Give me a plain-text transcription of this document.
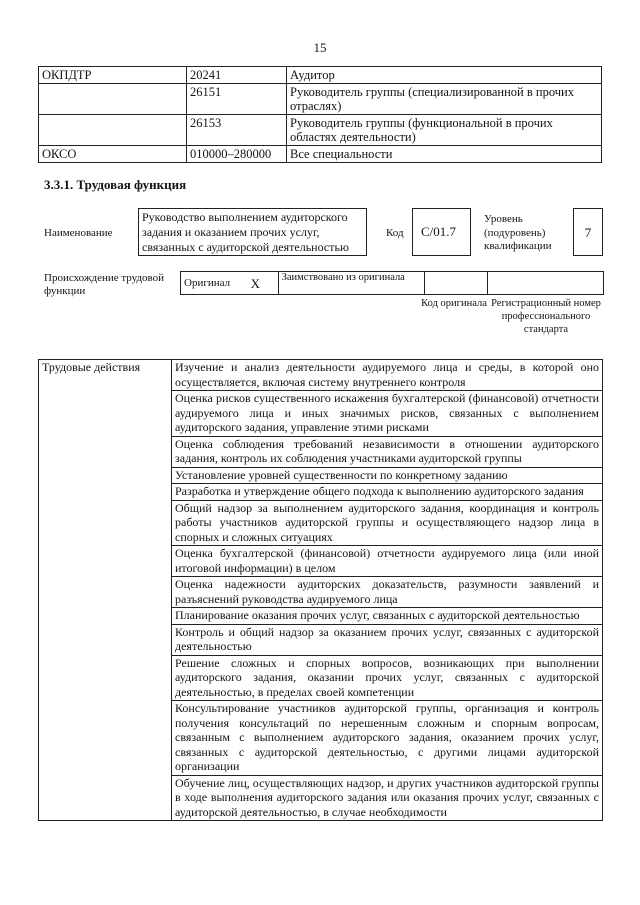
15
ОКПДТР	20241	Аудитор
	26151	Руководитель группы (специализированной в прочих отраслях)
	26153	Руководитель группы (функциональной в прочих областях деятельности)
ОКСО	010000–280000	Все специальности
3.3.1. Трудовая функция
Наименование
Руководство выполнением аудиторского задания и оказанием прочих услуг, связанных с аудиторской деятельностью
Код	С/01.7
Уровень (подуровень) квалификации
7
Происхождение трудовой функции
Оригинал	X	Заимствовано из оригинала		
Код оригинала Регистрационный номер профессионального стандарта
Трудовые действия	Изучение и анализ деятельности аудируемого лица и среды, в которой оно осуществляется, включая систему внутреннего контроля
Оценка рисков существенного искажения бухгалтерской (финансовой) отчетности аудируемого лица и иных значимых рисков, связанных с выполнением аудиторского задания, управление этими рисками
Оценка соблюдения требований независимости в отношении аудиторского задания, контроль их соблюдения участниками аудиторской группы
Установление уровней существенности по конкретному заданию
Разработка и утверждение общего подхода к выполнению аудиторского задания
Общий надзор за выполнением аудиторского задания, координация и контроль работы участников аудиторской группы и осуществляющего надзор лица в спорных и сложных ситуациях
Оценка бухгалтерской (финансовой) отчетности аудируемого лица (или иной итоговой информации) в целом
Оценка надежности аудиторских доказательств, разумности заявлений и разъяснений руководства аудируемого лица
Планирование оказания прочих услуг, связанных с аудиторской деятельностью
Контроль и общий надзор за оказанием прочих услуг, связанных с аудиторской деятельностью
Решение сложных и спорных вопросов, возникающих при выполнении аудиторского задания, оказании прочих услуг, связанных с аудиторской деятельностью, в пределах своей компетенции
Консультирование участников аудиторской группы, организация и контроль получения консультаций по нерешенным сложным и спорным вопросам, связанным с выполнением аудиторского задания, оказанием прочих услуг, связанных с аудиторской деятельностью, с другими лицами аудиторской организации
Обучение лиц, осуществляющих надзор, и других участников аудиторской группы в ходе выполнения аудиторского задания или оказания прочих услуг, связанных с аудиторской деятельностью, в случае необходимости
